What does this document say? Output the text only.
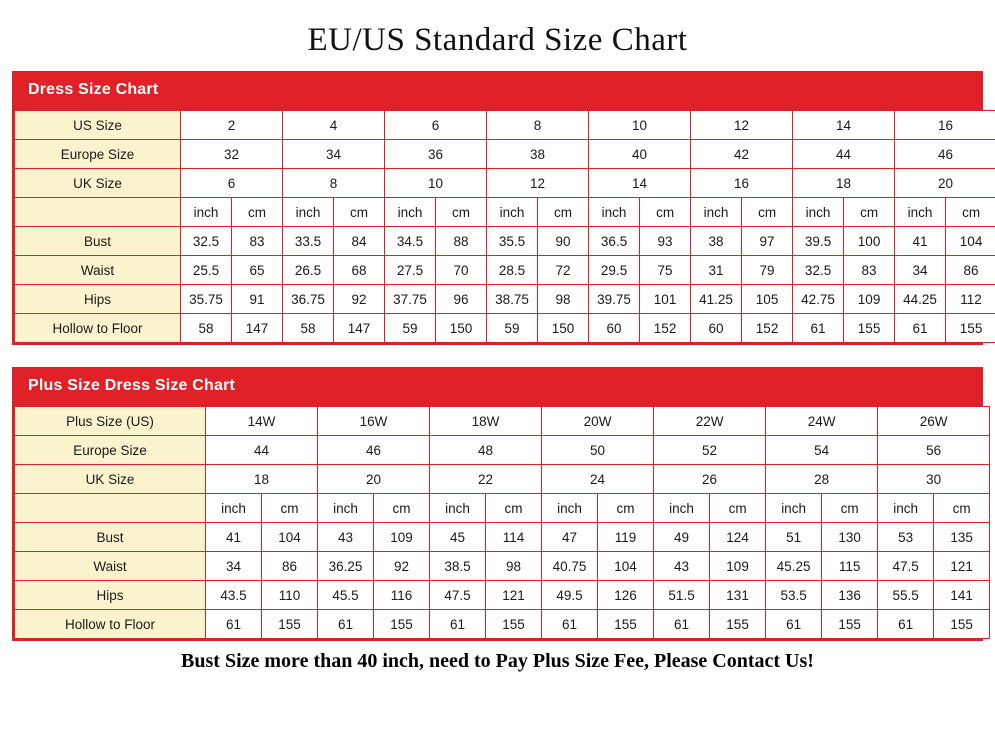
EU/US Standard Size Chart
Dress Size Chart
US Size	2		4		6		8		10		12		14		16	
Europe Size	32		34		36		38		40		42		44		46	
UK Size	6		8		10		12		14		16		18		20	
	inch	cm	inch	cm	inch	cm	inch	cm	inch	cm	inch	cm	inch	cm	inch	cm
Bust	32.5	83	33.5	84	34.5	88	35.5	90	36.5	93	38	97	39.5	100	41	104
Waist	25.5	65	26.5	68	27.5	70	28.5	72	29.5	75	31	79	32.5	83	34	86
Hips	35.75	91	36.75	92	37.75	96	38.75	98	39.75	101	41.25	105	42.75	109	44.25	112
Hollow to Floor	58	147	58	147	59	150	59	150	60	152	60	152	61	155	61	155
Plus Size Dress Size Chart
Plus Size (US)	14W		16W		18W		20W		22W		24W		26W	
Europe Size	44		46		48		50		52		54		56	
UK Size	18		20		22		24		26		28		30	
	inch	cm	inch	cm	inch	cm	inch	cm	inch	cm	inch	cm	inch	cm
Bust	41	104	43	109	45	114	47	119	49	124	51	130	53	135
Waist	34	86	36.25	92	38.5	98	40.75	104	43	109	45.25	115	47.5	121
Hips	43.5	110	45.5	116	47.5	121	49.5	126	51.5	131	53.5	136	55.5	141
Hollow to Floor	61	155	61	155	61	155	61	155	61	155	61	155	61	155
Bust Size more than 40 inch, need to Pay Plus Size Fee, Please Contact Us!
